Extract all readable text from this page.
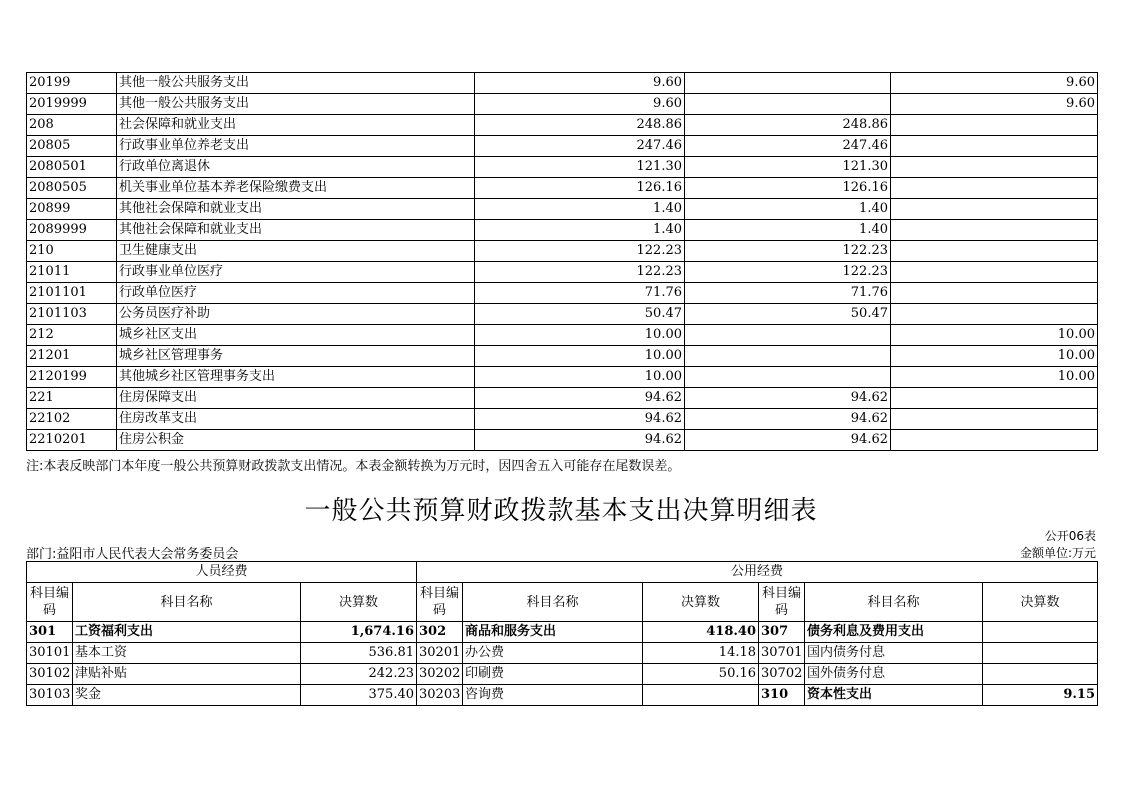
20199	其他一般公共服务支出	9.60		9.60
2019999	其他一般公共服务支出	9.60		9.60
208	社会保障和就业支出	248.86	248.86	
20805	行政事业单位养老支出	247.46	247.46	
2080501	行政单位离退休	121.30	121.30	
2080505	机关事业单位基本养老保险缴费支出	126.16	126.16	
20899	其他社会保障和就业支出	1.40	1.40	
2089999	其他社会保障和就业支出	1.40	1.40	
210	卫生健康支出	122.23	122.23	
21011	行政事业单位医疗	122.23	122.23	
2101101	行政单位医疗	71.76	71.76	
2101103	公务员医疗补助	50.47	50.47	
212	城乡社区支出	10.00		10.00
21201	城乡社区管理事务	10.00		10.00
2120199	其他城乡社区管理事务支出	10.00		10.00
221	住房保障支出	94.62	94.62	
22102	住房改革支出	94.62	94.62	
2210201	住房公积金	94.62	94.62	
注:本表反映部门本年度一般公共预算财政拨款支出情况。本表金额转换为万元时，因四舍五入可能存在尾数误差。
一般公共预算财政拨款基本支出决算明细表
公开06表
部门:益阳市人民代表大会常务委员会	金额单位:万元
人员经费			公用经费					
科目编码	科目名称	决算数	科目编码	科目名称	决算数	科目编码	科目名称	决算数
301	工资福利支出	1,674.16	302	商品和服务支出	418.40	307	债务利息及费用支出	
30101	基本工资	536.81	30201	办公费	14.18	30701	国内债务付息	
30102	津贴补贴	242.23	30202	印刷费	50.16	30702	国外债务付息	
30103	奖金	375.40	30203	咨询费		310	资本性支出	9.15
